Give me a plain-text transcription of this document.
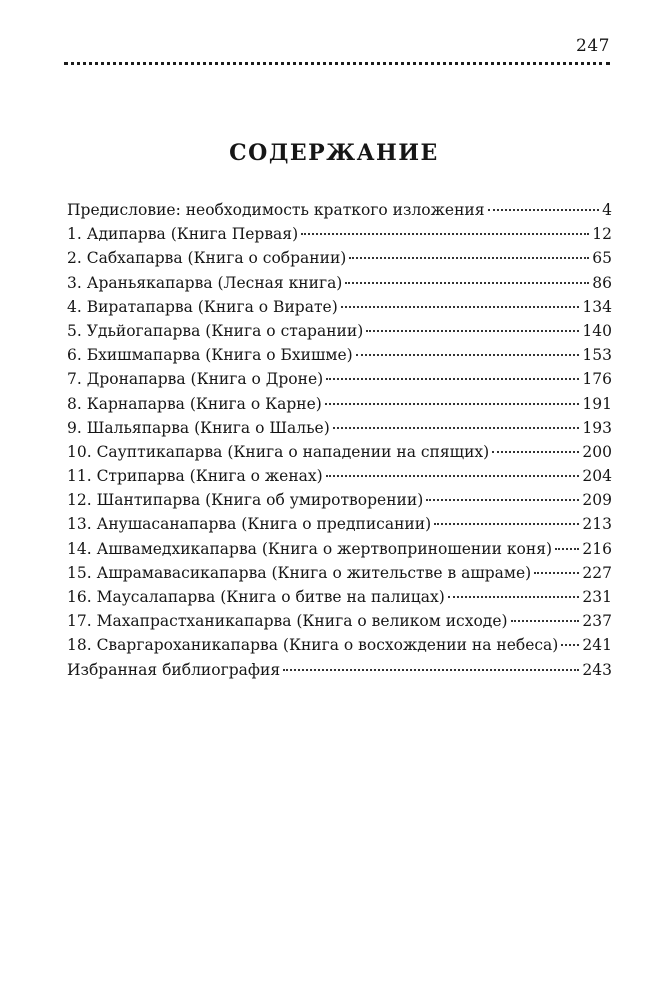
247
СОДЕРЖАНИЕ
Предисловие: необходимость краткого изложения	4
1. Адипарва (Книга Первая)	12
2. Сабхапарва (Книга о собрании)	65
3. Араньякапарва (Лесная книга)	86
4. Виратапарва (Книга о Вирате)	134
5. Удьйогапарва (Книга о старании)	140
6. Бхишмапарва (Книга о Бхишме)	153
7. Дронапарва (Книга о Дроне)	176
8. Карнапарва (Книга о Карне)	191
9. Шальяпарва (Книга о Шалье)	193
10. Сауптикапарва (Книга о нападении на спящих)	200
11. Стрипарва (Книга о женах)	204
12. Шантипарва (Книга об умиротворении)	209
13. Анушасанапарва (Книга о предписании)	213
14. Ашвамедхикапарва (Книга о жертвоприношении коня) 216
15. Ашрамавасикапарва (Книга о жительстве в ашраме)	227
16. Маусалапарва (Книга о битве на палицах)	231
17. Махапрастханикапарва (Книга о великом исходе)	237
18. Сваргароханикапарва (Книга о восхождении на небеса) 241
Избранная библиография	243
